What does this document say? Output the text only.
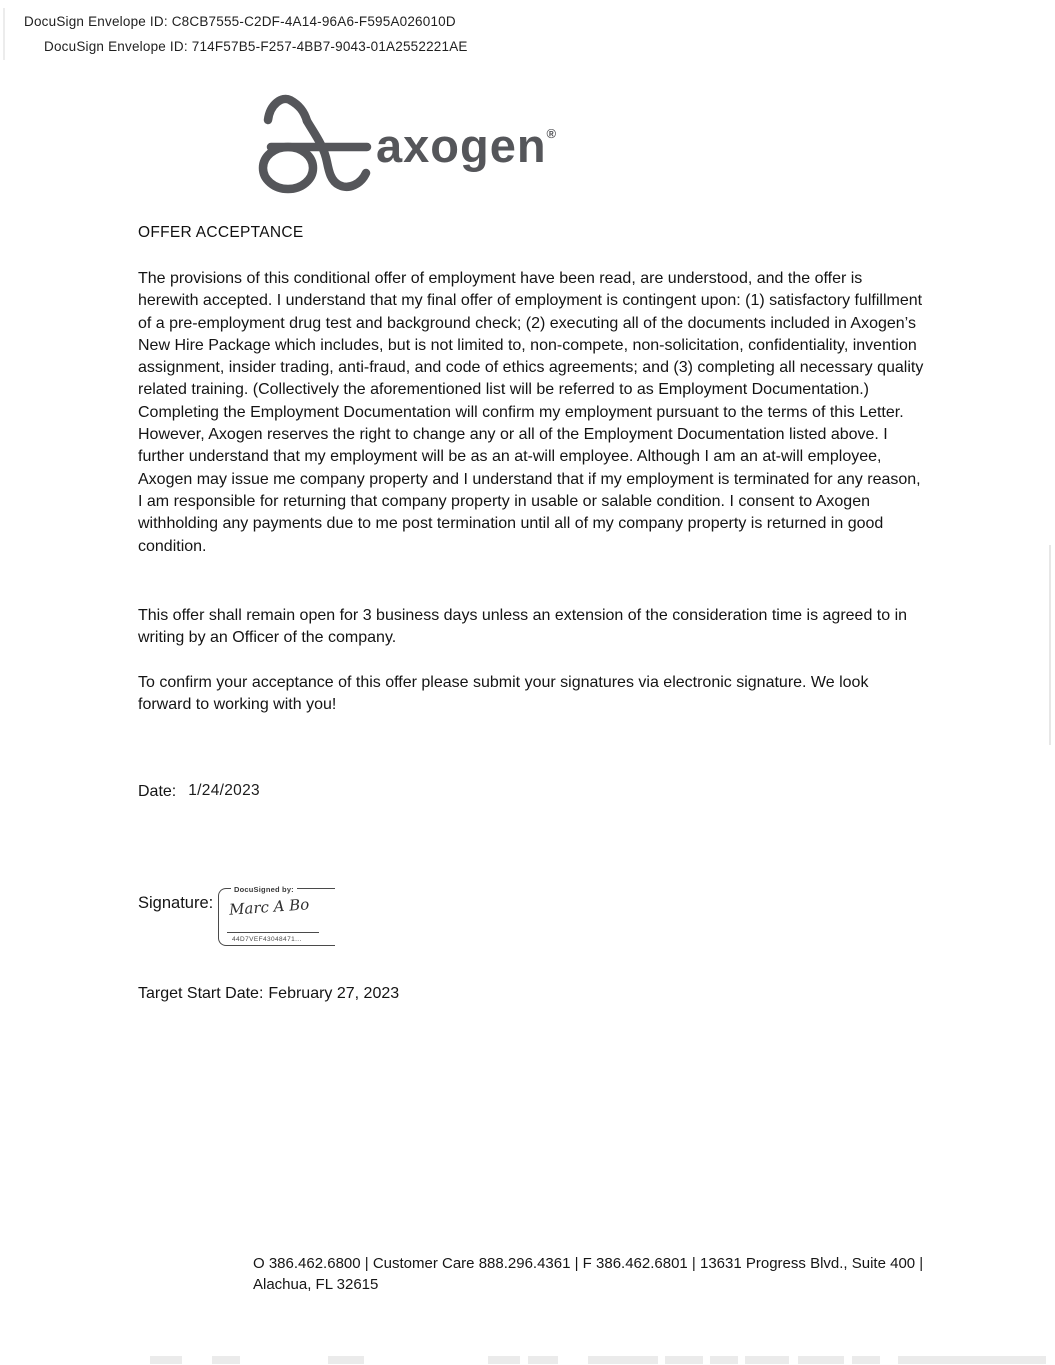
DocuSign Envelope ID: C8CB7555-C2DF-4A14-96A6-F595A026010D
DocuSign Envelope ID: 714F57B5-F257-4BB7-9043-01A2552221AE
axogen®
OFFER ACCEPTANCE
The provisions of this conditional offer of employment have been read, are understood, and the offer is herewith accepted. I understand that my final offer of employment is contingent upon: (1) satisfactory fulfillment of a pre-employment drug test and background check; (2) executing all of the documents included in Axogen’s New Hire Package which includes, but is not limited to, non-compete, non-solicitation, confidentiality, invention assignment, insider trading, anti-fraud, and code of ethics agreements; and (3) completing all necessary quality related training. (Collectively the aforementioned list will be referred to as Employment Documentation.) Completing the Employment Documentation will confirm my employment pursuant to the terms of this Letter. However, Axogen reserves the right to change any or all of the Employment Documentation listed above. I further understand that my employment will be as an at-will employee. Although I am an at-will employee, Axogen may issue me company property and I understand that if my employment is terminated for any reason, I am responsible for returning that company property in usable or salable condition. I consent to Axogen withholding any payments due to me post termination until all of my company property is returned in good condition.
This offer shall remain open for 3 business days unless an extension of the consideration time is agreed to in writing by an Officer of the company.
To confirm your acceptance of this offer please submit your signatures via electronic signature. We look forward to working with you!
Date: 1/24/2023
Signature:
DocuSigned by:
Marc A Bo
44D7VEF43048471...
Target Start Date: February 27, 2023
O 386.462.6800 | Customer Care 888.296.4361 | F 386.462.6801 | 13631 Progress Blvd., Suite 400 | Alachua, FL 32615
